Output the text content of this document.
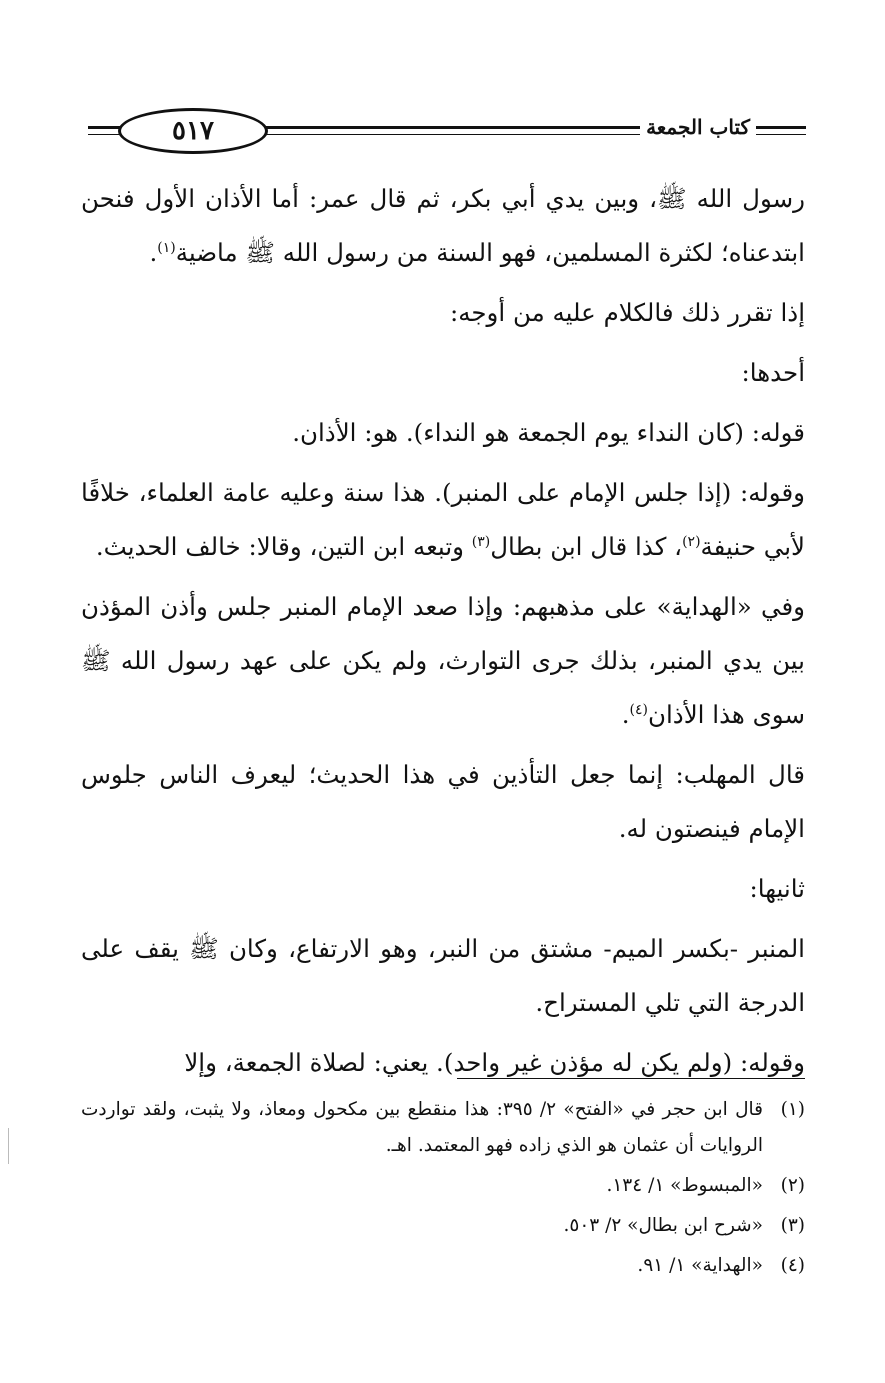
٥١٧	كتاب الجمعة

رسول الله ﷺ، وبين يدي أبي بكر، ثم قال عمر: أما الأذان الأول فنحن ابتدعناه؛ لكثرة المسلمين، فهو السنة من رسول الله ﷺ ماضية$^{(١)}$.

إذا تقرر ذلك فالكلام عليه من أوجه:

أحدها:

قوله: (كان النداء يوم الجمعة هو النداء). هو: الأذان.

وقوله: (إذا جلس الإمام على المنبر). هذا سنة وعليه عامة العلماء، خلافًا لأبي حنيفة$^{(٢)}$، كذا قال ابن بطال$^{(٣)}$ وتبعه ابن التين، وقالا: خالف الحديث.

وفي «الهداية» على مذهبهم: وإذا صعد الإمام المنبر جلس وأذن المؤذن بين يدي المنبر، بذلك جرى التوارث، ولم يكن على عهد رسول الله ﷺ سوى هذا الأذان$^{(٤)}$.

قال المهلب: إنما جعل التأذين في هذا الحديث؛ ليعرف الناس جلوس الإمام فينصتون له.

ثانيها:

المنبر -بكسر الميم- مشتق من النبر، وهو الارتفاع، وكان ﷺ يقف على الدرجة التي تلي المستراح.

وقوله: (ولم يكن له مؤذن غير واحد). يعني: لصلاة الجمعة، وإلا

(١)
قال ابن حجر في «الفتح» ٢/ ٣٩٥: هذا منقطع بين مكحول ومعاذ، ولا يثبت، ولقد تواردت الروايات أن عثمان هو الذي زاده فهو المعتمد. اهـ.
(٢)
«المبسوط» ١/ ١٣٤.
(٣)
«شرح ابن بطال» ٢/ ٥٠٣.
(٤)
«الهداية» ١/ ٩١.
